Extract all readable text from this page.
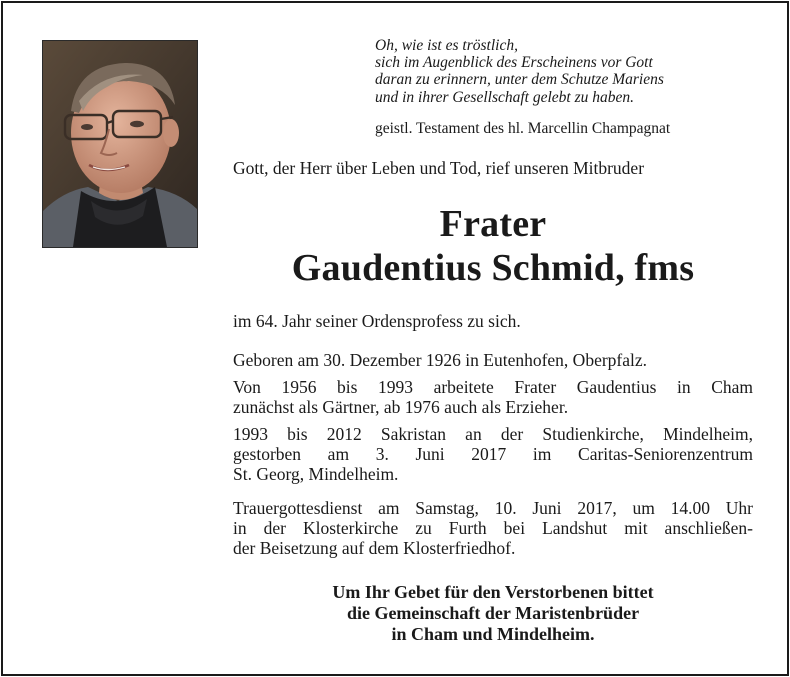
Oh, wie ist es tröstlich,
sich im Augenblick des Erscheinens vor Gott
daran zu erinnern, unter dem Schutze Mariens
und in ihrer Gesellschaft gelebt zu haben.
geistl. Testament des hl. Marcellin Champagnat
Gott, der Herr über Leben und Tod, rief unseren Mitbruder
Frater
Gaudentius Schmid, fms
im 64. Jahr seiner Ordensprofess zu sich.
Geboren am 30. Dezember 1926 in Eutenhofen, Oberpfalz.
Von 1956 bis 1993 arbeitete Frater Gaudentius in Cham
zunächst als Gärtner, ab 1976 auch als Erzieher.
1993 bis 2012 Sakristan an der Studienkirche, Mindelheim,
gestorben am 3. Juni 2017 im Caritas-Seniorenzentrum
St. Georg, Mindelheim.
Trauergottesdienst am Samstag, 10. Juni 2017, um 14.00 Uhr
in der Klosterkirche zu Furth bei Landshut mit anschließen-
der Beisetzung auf dem Klosterfriedhof.
Um Ihr Gebet für den Verstorbenen bittet
die Gemeinschaft der Maristenbrüder
in Cham und Mindelheim.
